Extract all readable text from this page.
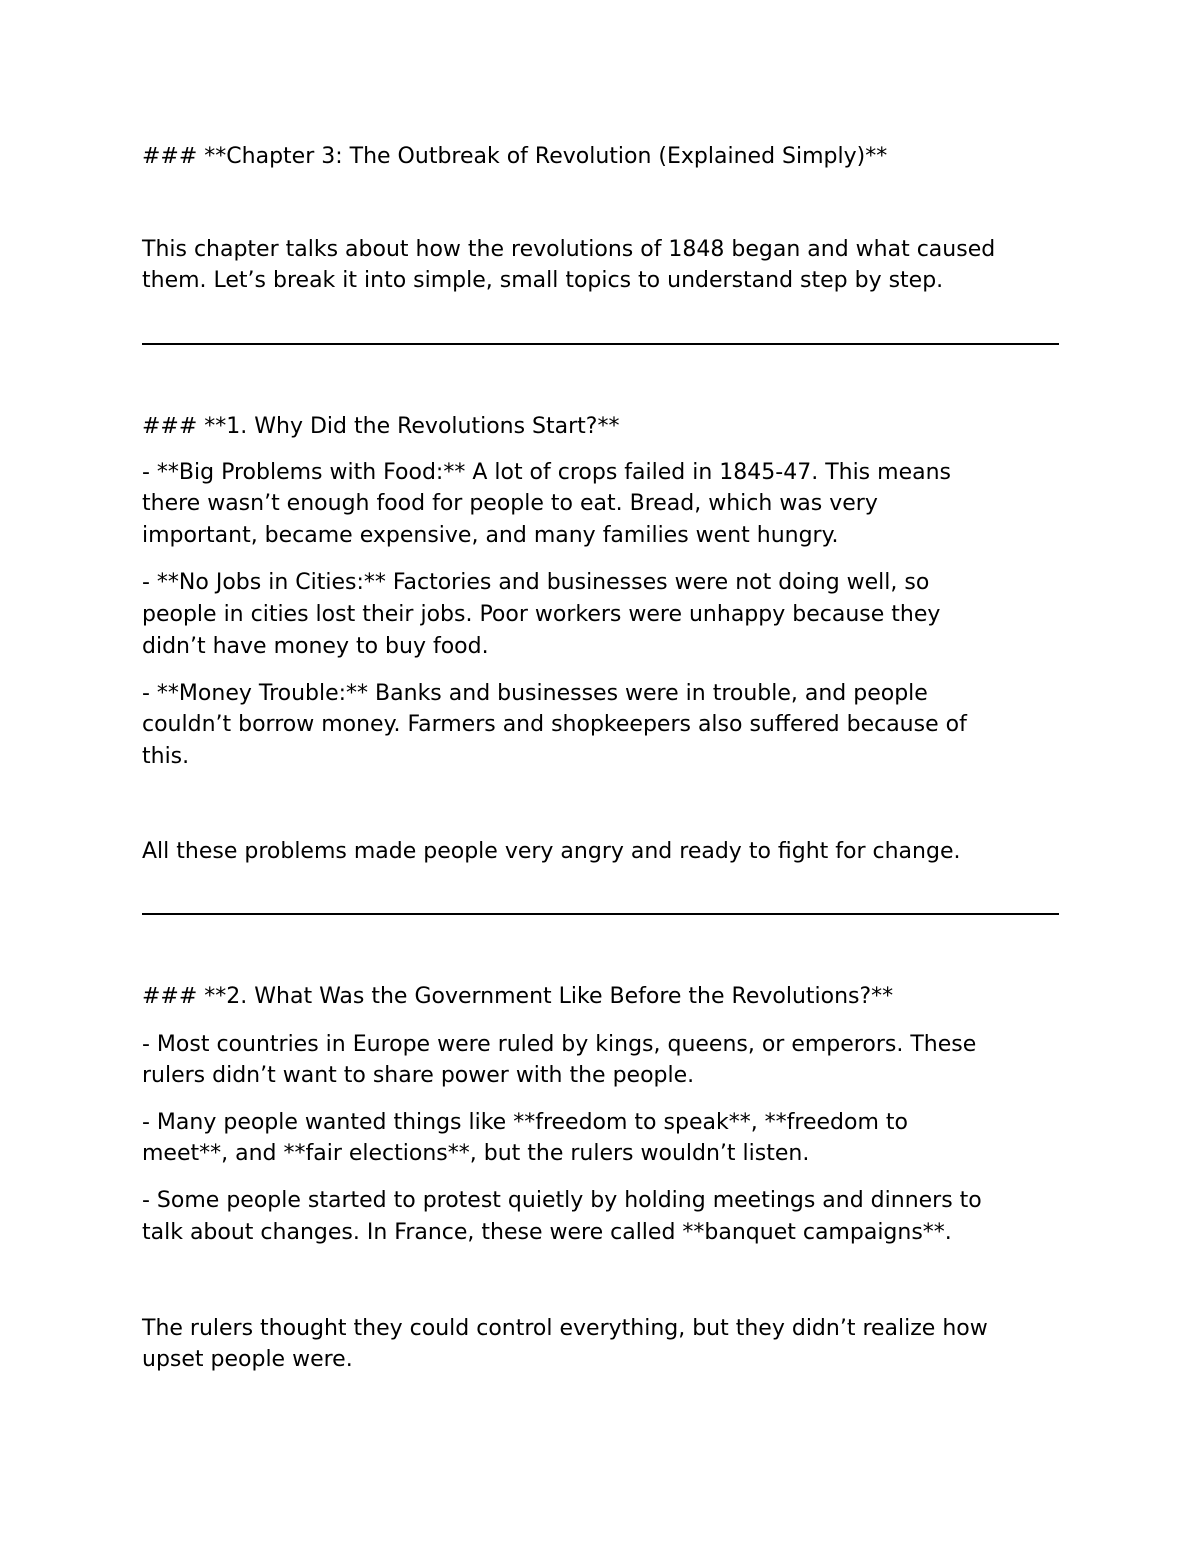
### **Chapter 3: The Outbreak of Revolution (Explained Simply)**
This chapter talks about how the revolutions of 1848 began and what caused
them. Let’s break it into simple, small topics to understand step by step.
### **1. Why Did the Revolutions Start?**
- **Big Problems with Food:** A lot of crops failed in 1845-47. This means
there wasn’t enough food for people to eat. Bread, which was very
important, became expensive, and many families went hungry.
- **No Jobs in Cities:** Factories and businesses were not doing well, so
people in cities lost their jobs. Poor workers were unhappy because they
didn’t have money to buy food.
- **Money Trouble:** Banks and businesses were in trouble, and people
couldn’t borrow money. Farmers and shopkeepers also suffered because of
this.
All these problems made people very angry and ready to fight for change.
### **2. What Was the Government Like Before the Revolutions?**
- Most countries in Europe were ruled by kings, queens, or emperors. These
rulers didn’t want to share power with the people.
- Many people wanted things like **freedom to speak**, **freedom to
meet**, and **fair elections**, but the rulers wouldn’t listen.
- Some people started to protest quietly by holding meetings and dinners to
talk about changes. In France, these were called **banquet campaigns**.
The rulers thought they could control everything, but they didn’t realize how
upset people were.
